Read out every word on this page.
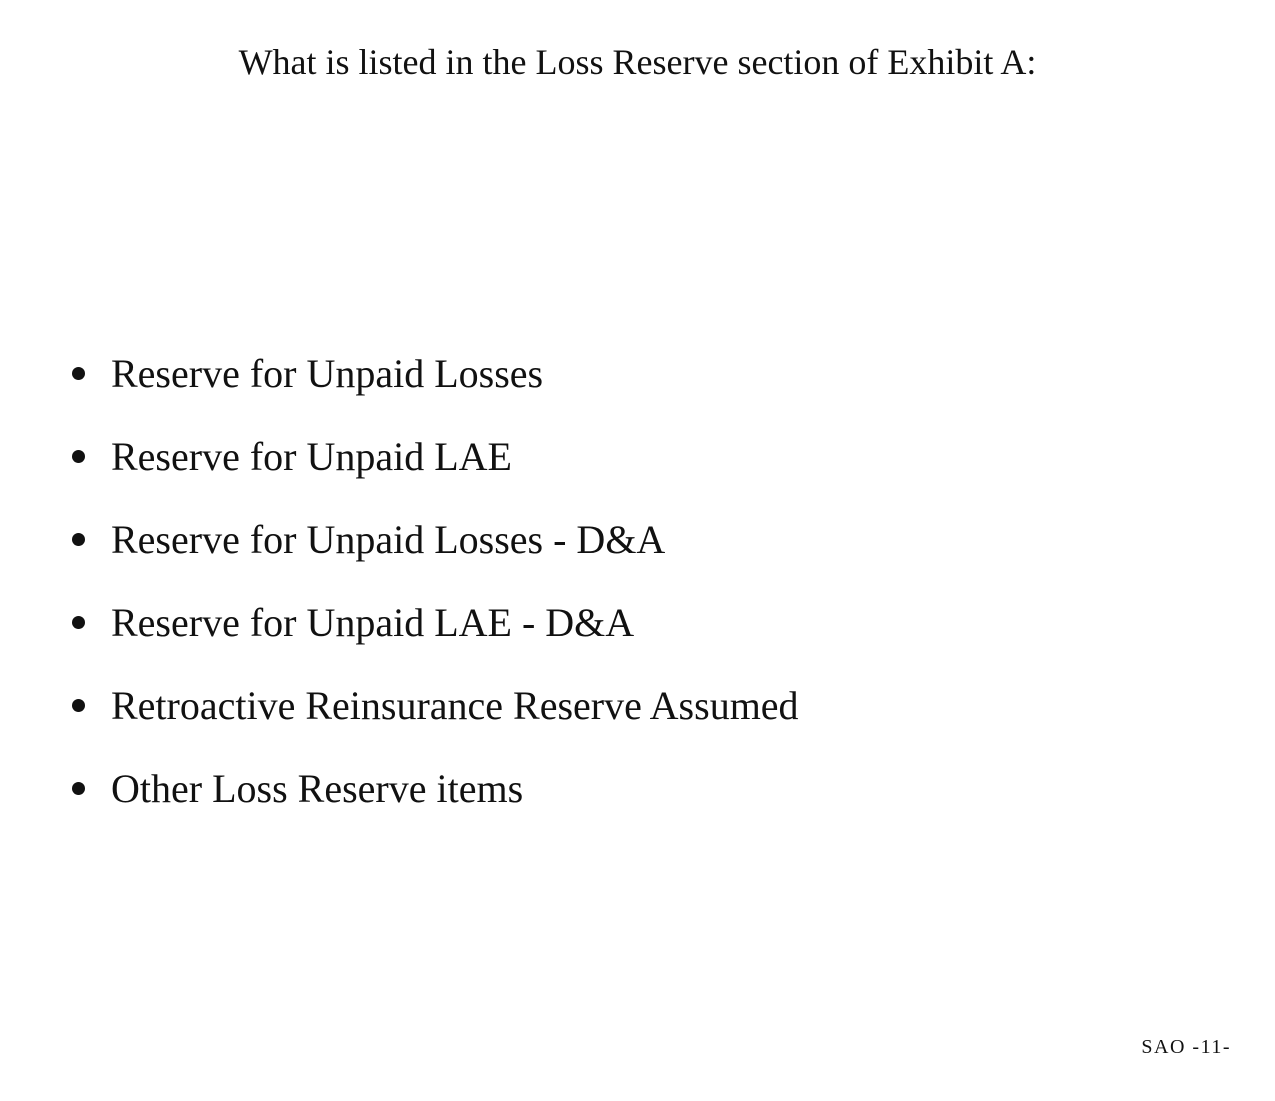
What is listed in the Loss Reserve section of Exhibit A:
Reserve for Unpaid Losses
Reserve for Unpaid LAE
Reserve for Unpaid Losses - D&A
Reserve for Unpaid LAE - D&A
Retroactive Reinsurance Reserve Assumed
Other Loss Reserve items
SAO -11-
